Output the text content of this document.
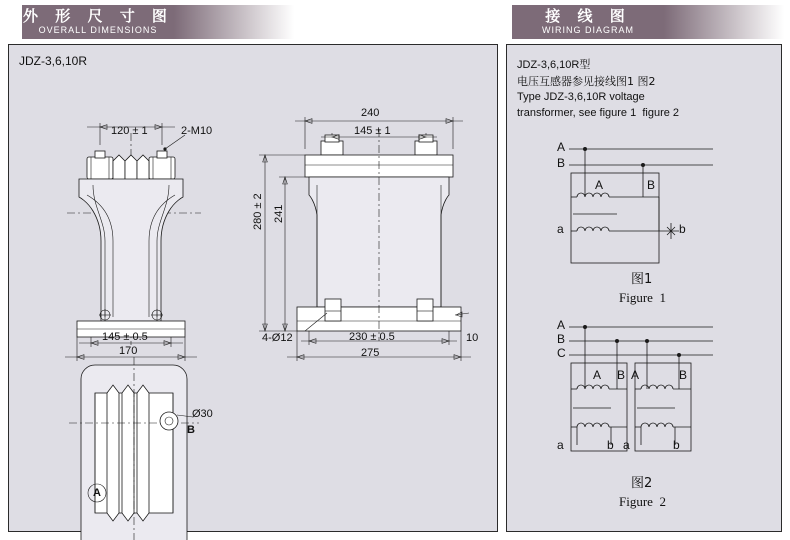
外 形 尺 寸 图
OVERALL DIMENSIONS
接 线 图
WIRING DIAGRAM
JDZ-3,6,10R
120 ± 1	2-M10
145 ± 0.5
170
240
145 ± 1
280 ± 2 241
4-Ø12	230 ± 0.5
275
10
Ø30
B
A
JDZ-3,6,10R型
电压互感器参见接线图1 图2
Type JDZ-3,6,10R voltage
transformer, see figure 1  figure 2
A
B
A	B
a	b
图1
Figure  1
A
B
C
A B A	B
a	b a	b
图2
Figure  2
